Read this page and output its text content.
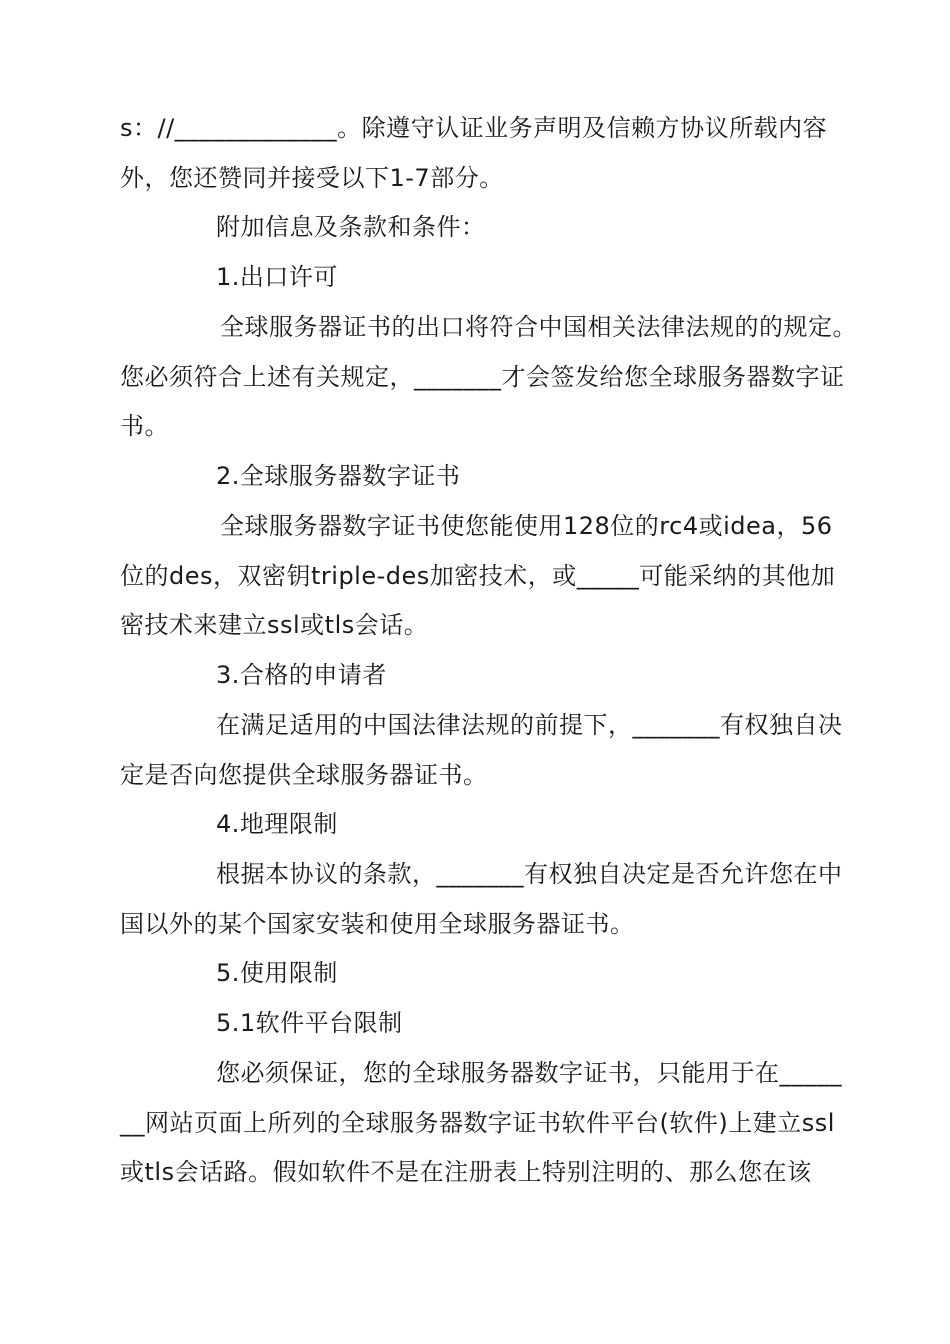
s：//_____________。除遵守认证业务声明及信赖方协议所载内容
外，您还赞同并接受以下1-7部分。
附加信息及条款和条件：
1.出口许可
全球服务器证书的出口将符合中国相关法律法规的的规定。
您必须符合上述有关规定，_______才会签发给您全球服务器数字证
书。
2.全球服务器数字证书
全球服务器数字证书使您能使用128位的rc4或idea，56
位的des，双密钥triple-des加密技术，或_____可能采纳的其他加
密技术来建立ssl或tls会话。
3.合格的申请者
在满足适用的中国法律法规的前提下，_______有权独自决
定是否向您提供全球服务器证书。
4.地理限制
根据本协议的条款，_______有权独自决定是否允许您在中
国以外的某个国家安装和使用全球服务器证书。
5.使用限制
5.1软件平台限制
您必须保证，您的全球服务器数字证书，只能用于在_____
__网站页面上所列的全球服务器数字证书软件平台(软件)上建立ssl
或tls会话路。假如软件不是在注册表上特别注明的、那么您在该
